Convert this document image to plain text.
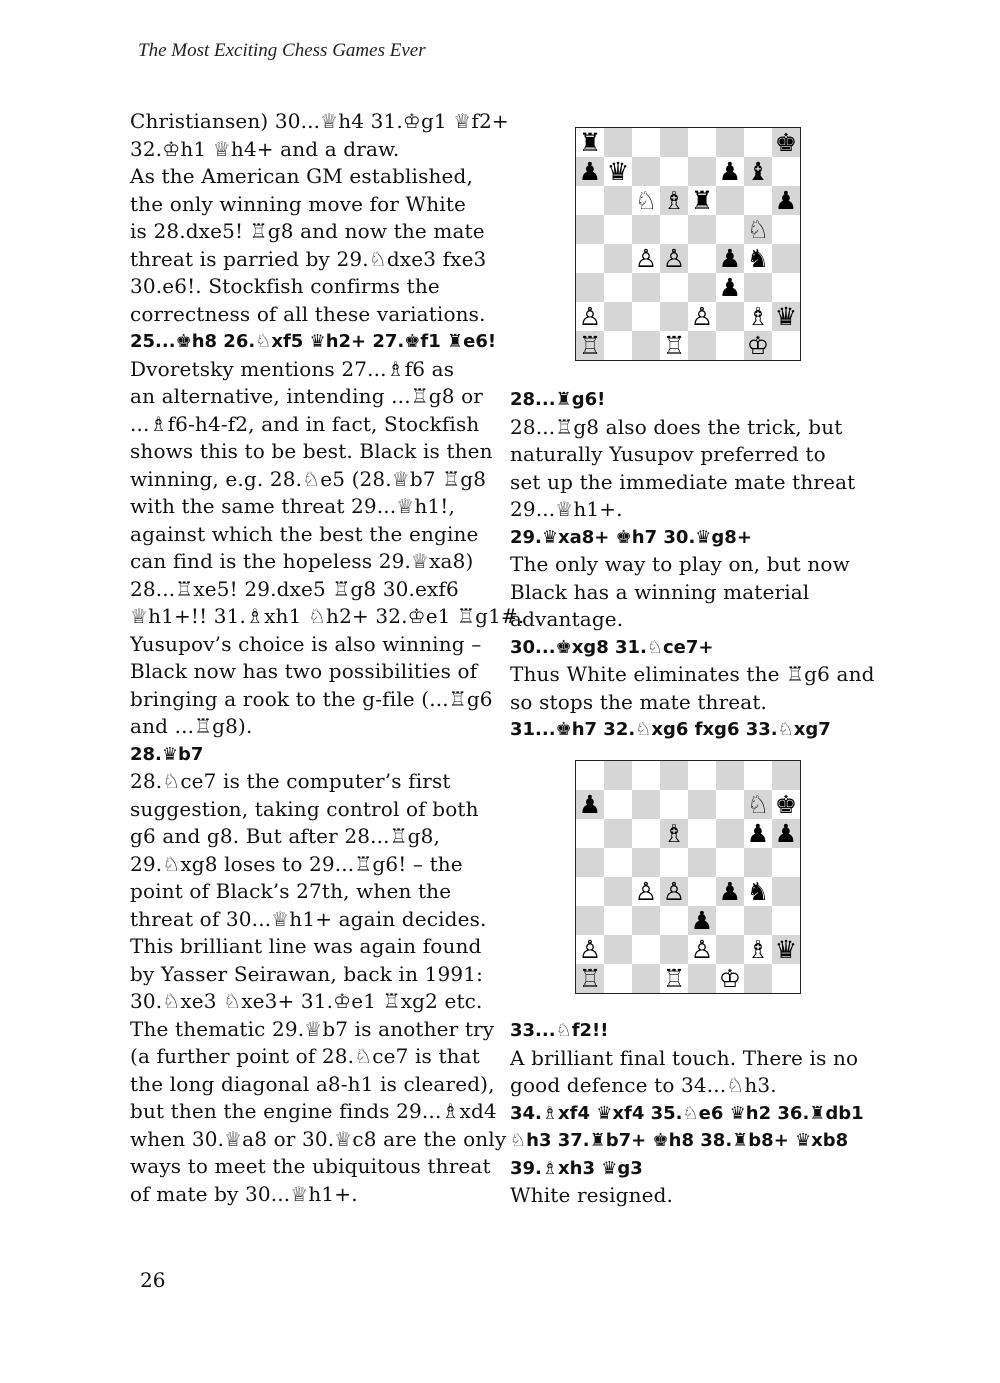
The Most Exciting Chess Games Ever
Christiansen) 30...♕h4 31.♔g1 ♕f2+
32.♔h1 ♕h4+ and a draw.
As the American GM established,
the only winning move for White
is 28.dxe5! ♖g8 and now the mate
threat is parried by 29.♘dxe3 fxe3
30.e6!. Stockfish confirms the
correctness of all these variations.
25...♚h8 26.♘xf5 ♛h2+ 27.♚f1 ♜e6!
Dvoretsky mentions 27...♗f6 as
an alternative, intending ...♖g8 or
...♗f6-h4-f2, and in fact, Stockfish
shows this to be best. Black is then
winning, e.g. 28.♘e5 (28.♕b7 ♖g8
with the same threat 29...♕h1!,
against which the best the engine
can find is the hopeless 29.♕xa8)
28...♖xe5! 29.dxe5 ♖g8 30.exf6
♕h1+!! 31.♗xh1 ♘h2+ 32.♔e1 ♖g1#.
Yusupov’s choice is also winning –
Black now has two possibilities of
bringing a rook to the g-file (...♖g6
and ...♖g8).
28.♛b7
28.♘ce7 is the computer’s first
suggestion, taking control of both
g6 and g8. But after 28...♖g8,
29.♘xg8 loses to 29...♖g6! – the
point of Black’s 27th, when the
threat of 30...♕h1+ again decides.
This brilliant line was again found
by Yasser Seirawan, back in 1991:
30.♘xe3 ♘xe3+ 31.♔e1 ♖xg2 etc.
The thematic 29.♕b7 is another try
(a further point of 28.♘ce7 is that
the long diagonal a8-h1 is cleared),
but then the engine finds 29...♗xd4
when 30.♕a8 or 30.♕c8 are the only
ways to meet the ubiquitous threat
of mate by 30...♕h1+.
♜	♚
♟ ♛	♟ ♝
♘ ♗ ♜ ♟
♘
♙ ♙ ♟ ♞
♟
♙	♙ ♗ ♛
♖ ♖ ♔
28...♜g6!
28...♖g8 also does the trick, but
naturally Yusupov preferred to
set up the immediate mate threat
29...♕h1+.
29.♛xa8+ ♚h7 30.♛g8+
The only way to play on, but now
Black has a winning material
advantage.
30...♚xg8 31.♘ce7+
Thus White eliminates the ♖g6 and
so stops the mate threat.
31...♚h7 32.♘xg6 fxg6 33.♘xg7
♟	♘ ♚
♗ ♟ ♟
♙ ♙ ♟ ♞
♟
♙	♙ ♗ ♛
♖ ♖ ♔
33...♘f2!!
A brilliant final touch. There is no
good defence to 34...♘h3.
34.♗xf4 ♛xf4 35.♘e6 ♛h2 36.♜db1
♘h3 37.♜b7+ ♚h8 38.♜b8+ ♛xb8
39.♗xh3 ♛g3
White resigned.
26
